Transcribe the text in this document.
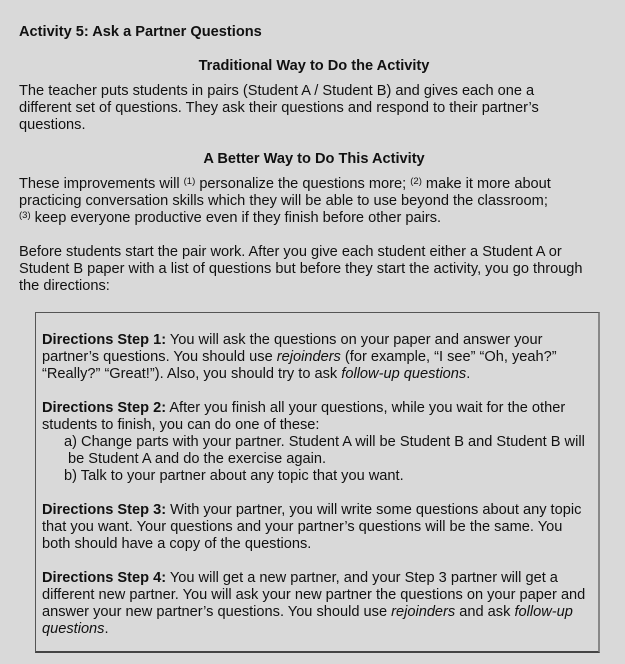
Activity 5: Ask a Partner Questions
Traditional Way to Do the Activity
The teacher puts students in pairs (Student A / Student B) and gives each one a
different set of questions. They ask their questions and respond to their partner’s
questions.
A Better Way to Do This Activity
These improvements will $^{(1)}$ personalize the questions more; $^{(2)}$ make it more about
practicing conversation skills which they will be able to use beyond the classroom;
$^{(3)}$ keep everyone productive even if they finish before other pairs.
Before students start the pair work. After you give each student either a Student A or
Student B paper with a list of questions but before they start the activity, you go through
the directions:
Directions Step 1: You will ask the questions on your paper and answer your
partner’s questions. You should use rejoinders (for example, “I see” “Oh, yeah?”
“Really?” “Great!”). Also, you should try to ask follow-up questions.
Directions Step 2: After you finish all your questions, while you wait for the other
students to finish, you can do one of these:
a) Change parts with your partner. Student A will be Student B and Student B will
be Student A and do the exercise again.
b) Talk to your partner about any topic that you want.
Directions Step 3: With your partner, you will write some questions about any topic
that you want. Your questions and your partner’s questions will be the same. You
both should have a copy of the questions.
Directions Step 4: You will get a new partner, and your Step 3 partner will get a
different new partner. You will ask your new partner the questions on your paper and
answer your new partner’s questions. You should use rejoinders and ask follow-up
questions.
